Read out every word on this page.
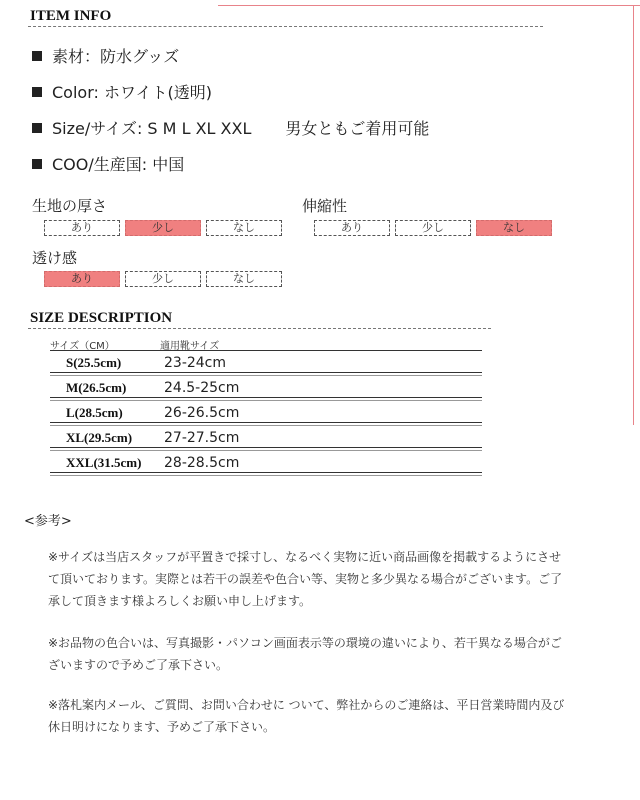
ITEM INFO
素材：防水グッズ
Color: ホワイト(透明)
Size/サイズ: S M L XL XXL 男女ともご着用可能
COO/生産国: 中国
生地の厚さ
あり	少し	なし
伸縮性
あり	少し	なし
透け感
あり	少し	なし
SIZE DESCRIPTION
サイズ（CM）	適用靴サイズ
S(25.5cm)	23-24cm
M(26.5cm)	24.5-25cm
L(28.5cm)	26-26.5cm
XL(29.5cm) 27-27.5cm
XXL(31.5cm) 28-28.5cm
<参考>
※サイズは当店スタッフが平置きで採寸し、なるべく実物に近い商品画像を掲載するようにさせて頂いております。実際とは若干の誤差や色合い等、実物と多少異なる場合がございます。ご了承して頂きます様よろしくお願い申し上げます。
※お品物の色合いは、写真撮影・パソコン画面表示等の環境の違いにより、若干異なる場合がございますので予めご了承下さい。
※落札案内メール、ご質問、お問い合わせに ついて、弊社からのご連絡は、平日営業時間内及び休日明けになります、予めご了承下さい。
